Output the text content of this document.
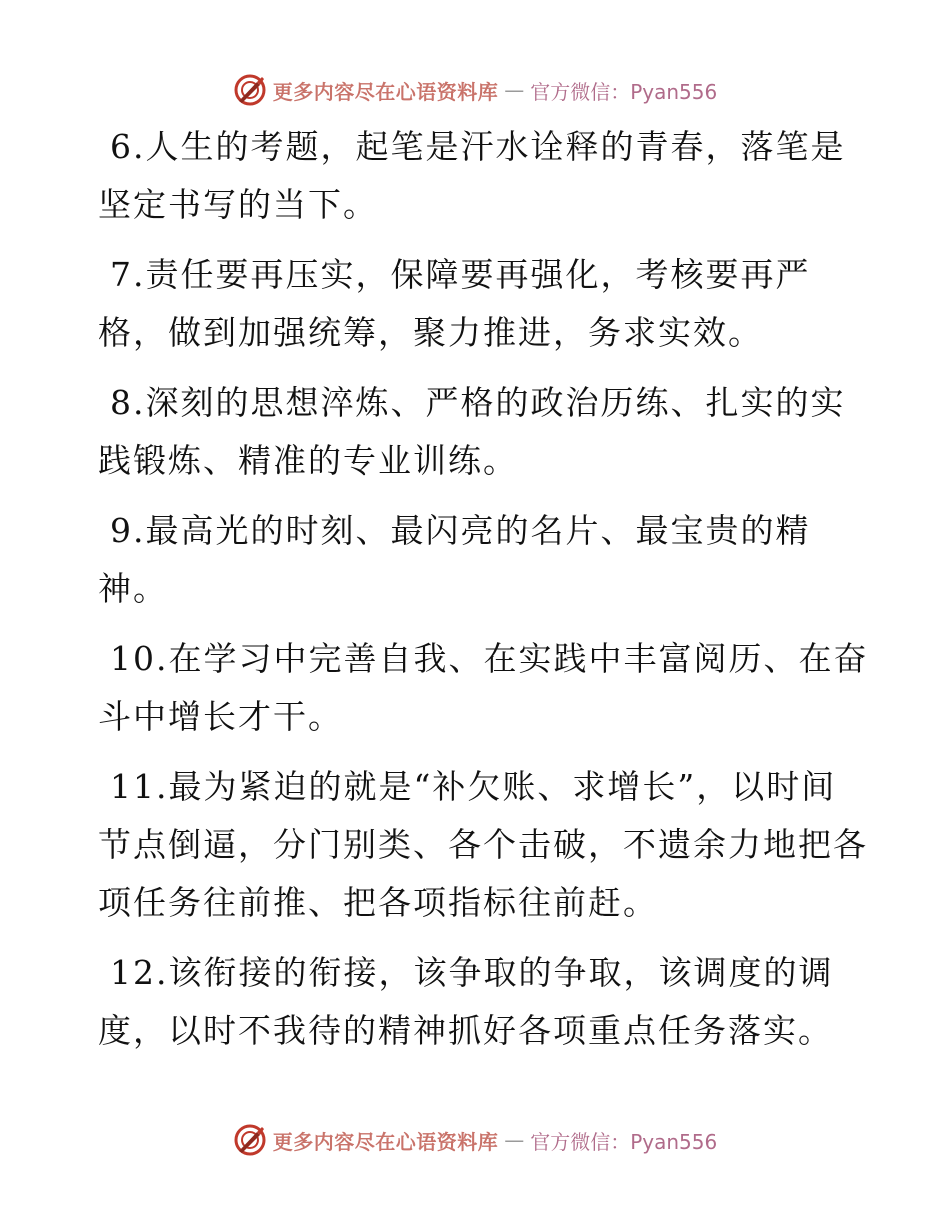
更多内容尽在心语资料库 — 官方微信：Pyan556
6.人生的考题，起笔是汗水诠释的青春，落笔是
坚定书写的当下。
7.责任要再压实，保障要再强化，考核要再严
格，做到加强统筹，聚力推进，务求实效。
8.深刻的思想淬炼、严格的政治历练、扎实的实
践锻炼、精准的专业训练。
9.最高光的时刻、最闪亮的名片、最宝贵的精
神。
10.在学习中完善自我、在实践中丰富阅历、在奋
斗中增长才干。
11.最为紧迫的就是“补欠账、求增长”，以时间
节点倒逼，分门别类、各个击破，不遗余力地把各
项任务往前推、把各项指标往前赶。
12.该衔接的衔接，该争取的争取，该调度的调
度，以时不我待的精神抓好各项重点任务落实。
更多内容尽在心语资料库 — 官方微信：Pyan556
